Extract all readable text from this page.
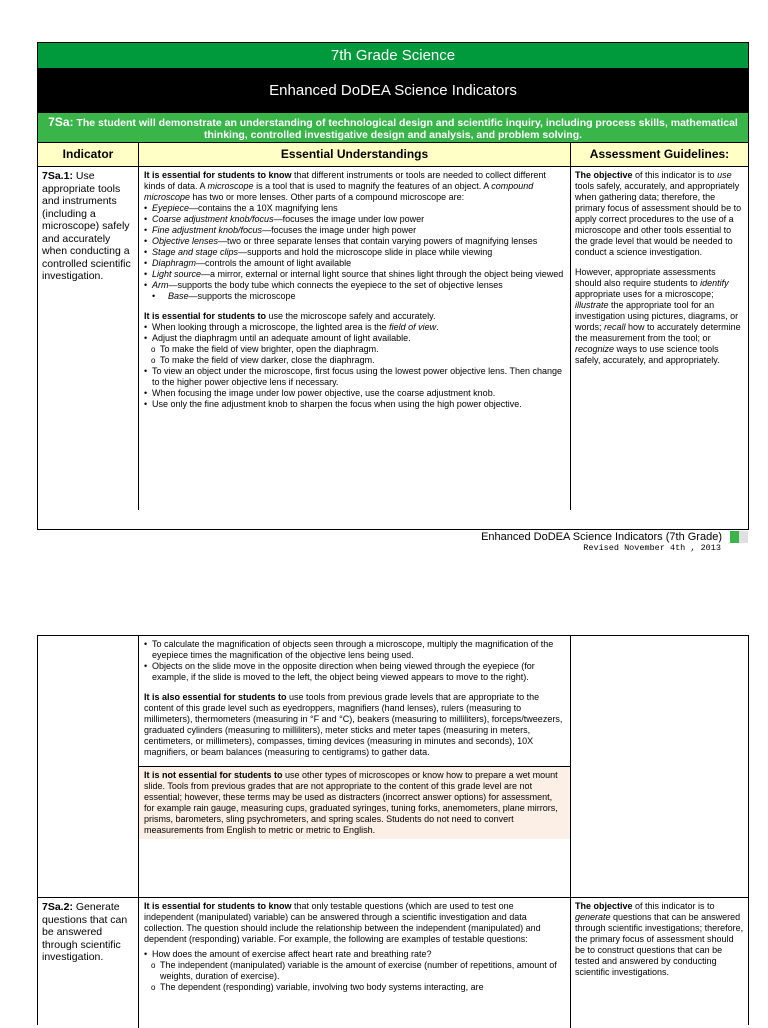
7th Grade Science
Enhanced DoDEA Science Indicators
7Sa: The student will demonstrate an understanding of technological design and scientific inquiry, including process skills, mathematical thinking, controlled investigative design and analysis, and problem solving.
Indicator	Essential Understandings	Assessment Guidelines:
7Sa.1: Use appropriate tools and instruments (including a microscope) safely and accurately when conducting a controlled scientific investigation.
It is essential for students to know that different instruments or tools are needed to collect different kinds of data. A microscope is a tool that is used to magnify the features of an object. A compound microscope has two or more lenses. Other parts of a compound microscope are:
• Eyepiece—contains the a 10X magnifying lens
• Coarse adjustment knob/focus—focuses the image under low power
• Fine adjustment knob/focus—focuses the image under high power
• Objective lenses—two or three separate lenses that contain varying powers of magnifying lenses
• Stage and stage clips—supports and hold the microscope slide in place while viewing
• Diaphragm—controls the amount of light available
• Light source—a mirror, external or internal light source that shines light through the object being viewed
• Arm—supports the body tube which connects the eyepiece to the set of objective lenses
• Base—supports the microscope
It is essential for students to use the microscope safely and accurately.
• When looking through a microscope, the lighted area is the field of view.
• Adjust the diaphragm until an adequate amount of light available.
o To make the field of view brighter, open the diaphragm.
o To make the field of view darker, close the diaphragm.
• To view an object under the microscope, first focus using the lowest power objective lens. Then change to the higher power objective lens if necessary.
• When focusing the image under low power objective, use the coarse adjustment knob.
• Use only the fine adjustment knob to sharpen the focus when using the high power objective.

The objective of this indicator is to use tools safely, accurately, and appropriately when gathering data; therefore, the primary focus of assessment should be to apply correct procedures to the use of a microscope and other tools essential to the grade level that would be needed to conduct a science investigation.

However, appropriate assessments should also require students to identify appropriate uses for a microscope; illustrate the appropriate tool for an investigation using pictures, diagrams, or words; recall how to accurately determine the measurement from the tool; or recognize ways to use science tools safely, accurately, and appropriately.

Enhanced DoDEA Science Indicators (7th Grade)
Revised November 4th , 2013
• To calculate the magnification of objects seen through a microscope, multiply the magnification of the eyepiece times the magnification of the objective lens being used.
• Objects on the slide move in the opposite direction when being viewed through the eyepiece (for example, if the slide is moved to the left, the object being viewed appears to move to the right).
It is also essential for students to use tools from previous grade levels that are appropriate to the content of this grade level such as eyedroppers, magnifiers (hand lenses), rulers (measuring to millimeters), thermometers (measuring in °F and °C), beakers (measuring to milliliters), forceps/tweezers, graduated cylinders (measuring to milliliters), meter sticks and meter tapes (measuring in meters, centimeters, or millimeters), compasses, timing devices (measuring in minutes and seconds), 10X magnifiers, or beam balances (measuring to centigrams) to gather data.
It is not essential for students to use other types of microscopes or know how to prepare a wet mount slide. Tools from previous grades that are not appropriate to the content of this grade level are not essential; however, these terms may be used as distracters (incorrect answer options) for assessment, for example rain gauge, measuring cups, graduated syringes, tuning forks, anemometers, plane mirrors, prisms, barometers, sling psychrometers, and spring scales. Students do not need to convert measurements from English to metric or metric to English.
7Sa.2: Generate questions that can be answered through scientific investigation.
It is essential for students to know that only testable questions (which are used to test one independent (manipulated) variable) can be answered through a scientific investigation and data collection. The question should include the relationship between the independent (manipulated) and dependent (responding) variable. For example, the following are examples of testable questions:
• How does the amount of exercise affect heart rate and breathing rate?
o The independent (manipulated) variable is the amount of exercise (number of repetitions, amount of weights, duration of exercise).
o The dependent (responding) variable, involving two body systems interacting, are

The objective of this indicator is to generate questions that can be answered through scientific investigations; therefore, the primary focus of assessment should be to construct questions that can be tested and answered by conducting scientific investigations.
